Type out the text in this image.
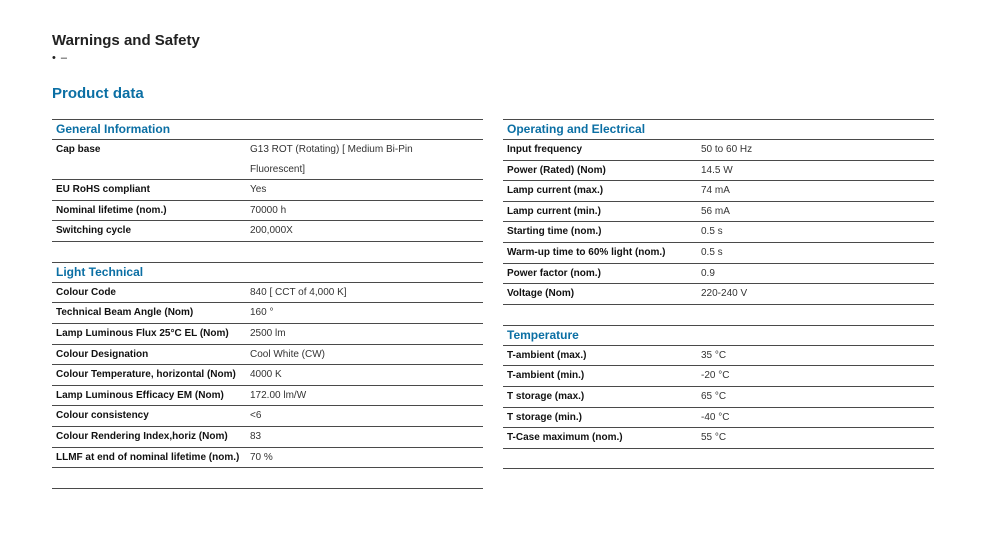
Warnings and Safety
• –
Product data
General Information
Cap base	G13 ROT (Rotating) [ Medium Bi-Pin Fluorescent]
EU RoHS compliant	Yes
Nominal lifetime (nom.)	70000 h
Switching cycle	200,000X
Light Technical
Colour Code	840 [ CCT of 4,000 K]
Technical Beam Angle (Nom)	160 °
Lamp Luminous Flux 25°C EL (Nom)	2500 lm
Colour Designation	Cool White (CW)
Colour Temperature, horizontal (Nom)	4000 K
Lamp Luminous Efficacy EM (Nom)	172.00 lm/W
Colour consistency	<6
Colour Rendering Index,horiz (Nom)	83
LLMF at end of nominal lifetime (nom.)	70 %
Operating and Electrical
Input frequency	50 to 60 Hz
Power (Rated) (Nom)	14.5 W
Lamp current (max.)	74 mA
Lamp current (min.)	56 mA
Starting time (nom.)	0.5 s
Warm-up time to 60% light (nom.)	0.5 s
Power factor (nom.)	0.9
Voltage (Nom)	220-240 V
Temperature
T-ambient (max.)	35 °C
T-ambient (min.)	-20 °C
T storage (max.)	65 °C
T storage (min.)	-40 °C
T-Case maximum (nom.)	55 °C
